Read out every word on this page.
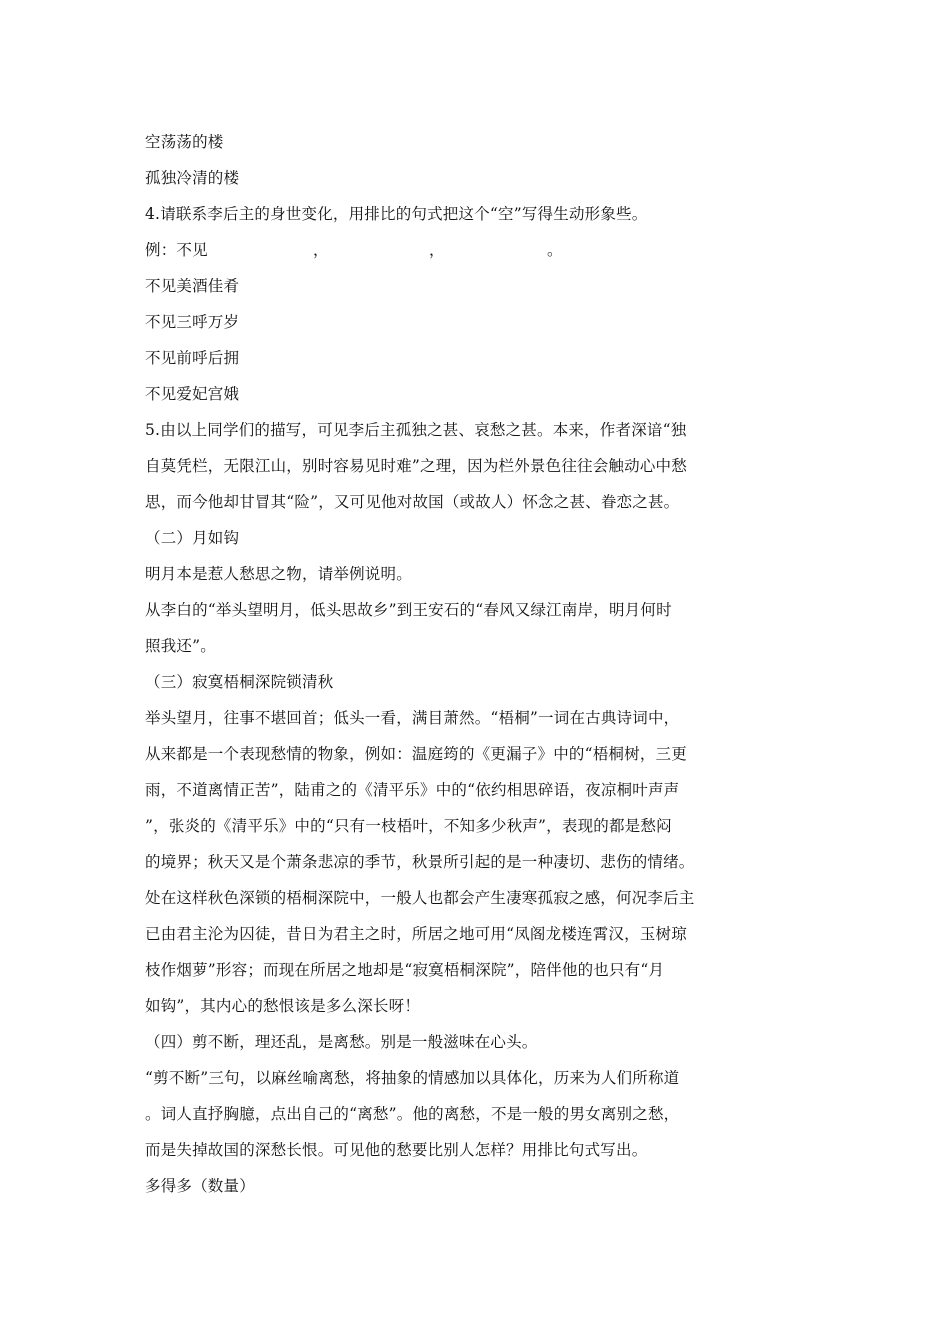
空荡荡的楼
孤独冷清的楼
4.请联系李后主的身世变化，用排比的句式把这个“空”写得生动形象些。
例：不见	，	，	。
不见美酒佳肴
不见三呼万岁
不见前呼后拥
不见爱妃宫娥
5.由以上同学们的描写，可见李后主孤独之甚、哀愁之甚。本来，作者深谙“独
自莫凭栏，无限江山，别时容易见时难”之理，因为栏外景色往往会触动心中愁
思，而今他却甘冒其“险”，又可见他对故国（或故人）怀念之甚、眷恋之甚。
（二）月如钩
明月本是惹人愁思之物，请举例说明。
从李白的“举头望明月，低头思故乡”到王安石的“春风又绿江南岸，明月何时
照我还”。
（三）寂寞梧桐深院锁清秋
举头望月，往事不堪回首；低头一看，满目萧然。“梧桐”一词在古典诗词中，
从来都是一个表现愁情的物象，例如：温庭筠的《更漏子》中的“梧桐树，三更
雨，不道离情正苦”，陆甫之的《清平乐》中的“依约相思碎语，夜凉桐叶声声
”，张炎的《清平乐》中的“只有一枝梧叶，不知多少秋声”，表现的都是愁闷
的境界；秋天又是个萧条悲凉的季节，秋景所引起的是一种凄切、悲伤的情绪。
处在这样秋色深锁的梧桐深院中，一般人也都会产生凄寒孤寂之感，何况李后主
已由君主沦为囚徒，昔日为君主之时，所居之地可用“凤阁龙楼连霄汉，玉树琼
枝作烟萝”形容；而现在所居之地却是“寂寞梧桐深院”，陪伴他的也只有“月
如钩”，其内心的愁恨该是多么深长呀！
（四）剪不断，理还乱，是离愁。别是一般滋味在心头。
“剪不断”三句，以麻丝喻离愁，将抽象的情感加以具体化，历来为人们所称道
。词人直抒胸臆，点出自己的“离愁”。他的离愁，不是一般的男女离别之愁，
而是失掉故国的深愁长恨。可见他的愁要比别人怎样？用排比句式写出。
多得多（数量）
